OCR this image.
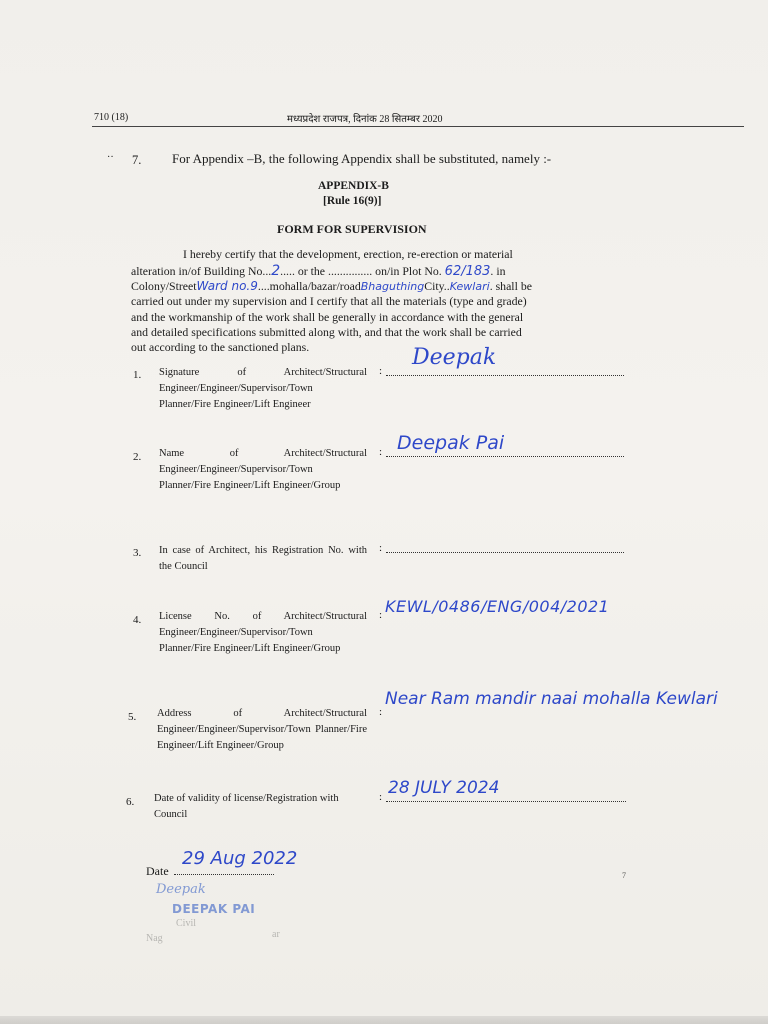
710 (18)	मध्यप्रदेश राजपत्र, दिनांक 28 सितम्बर 2020
·· 7. For Appendix –B, the following Appendix shall be substituted, namely :-
APPENDIX-B
[Rule 16(9)]
FORM FOR SUPERVISION
I hereby certify that the development, erection, re-erection or material
alteration in/of Building No...2..... or the ............... on/in Plot No. 62/183. in
Colony/StreetWard no.9....mohalla/bazar/roadBhaguthingCity..Kewlari. shall be
carried out under my supervision and I certify that all the materials (type and grade)
and the workmanship of the work shall be generally in accordance with the general
and detailed specifications submitted along with, and that the work shall be carried
out according to the sanctioned plans.
1. Signature of Architect/Structural Engineer/Engineer/Supervisor/Town Planner/Fire Engineer/Lift Engineer
:
Deepak
2. Name of Architect/Structural Engineer/Engineer/Supervisor/Town Planner/Fire Engineer/Lift Engineer/Group
: Deepak Pai
3. In case of Architect, his Registration No. with the Council
:
4. License No. of Architect/Structural Engineer/Engineer/Supervisor/Town Planner/Fire Engineer/Lift Engineer/Group
: KEWL/0486/ENG/004/2021
5. Address of Architect/Structural Engineer/Engineer/Supervisor/Town Planner/Fire Engineer/Lift Engineer/Group
:
Near Ram mandir naai mohalla Kewlari
6. Date of validity of license/Registration with Council
: 28 JULY 2024
Date
29 Aug 2022
Deepak
DEEPAK PAI
Civil
Nag	ar
7
